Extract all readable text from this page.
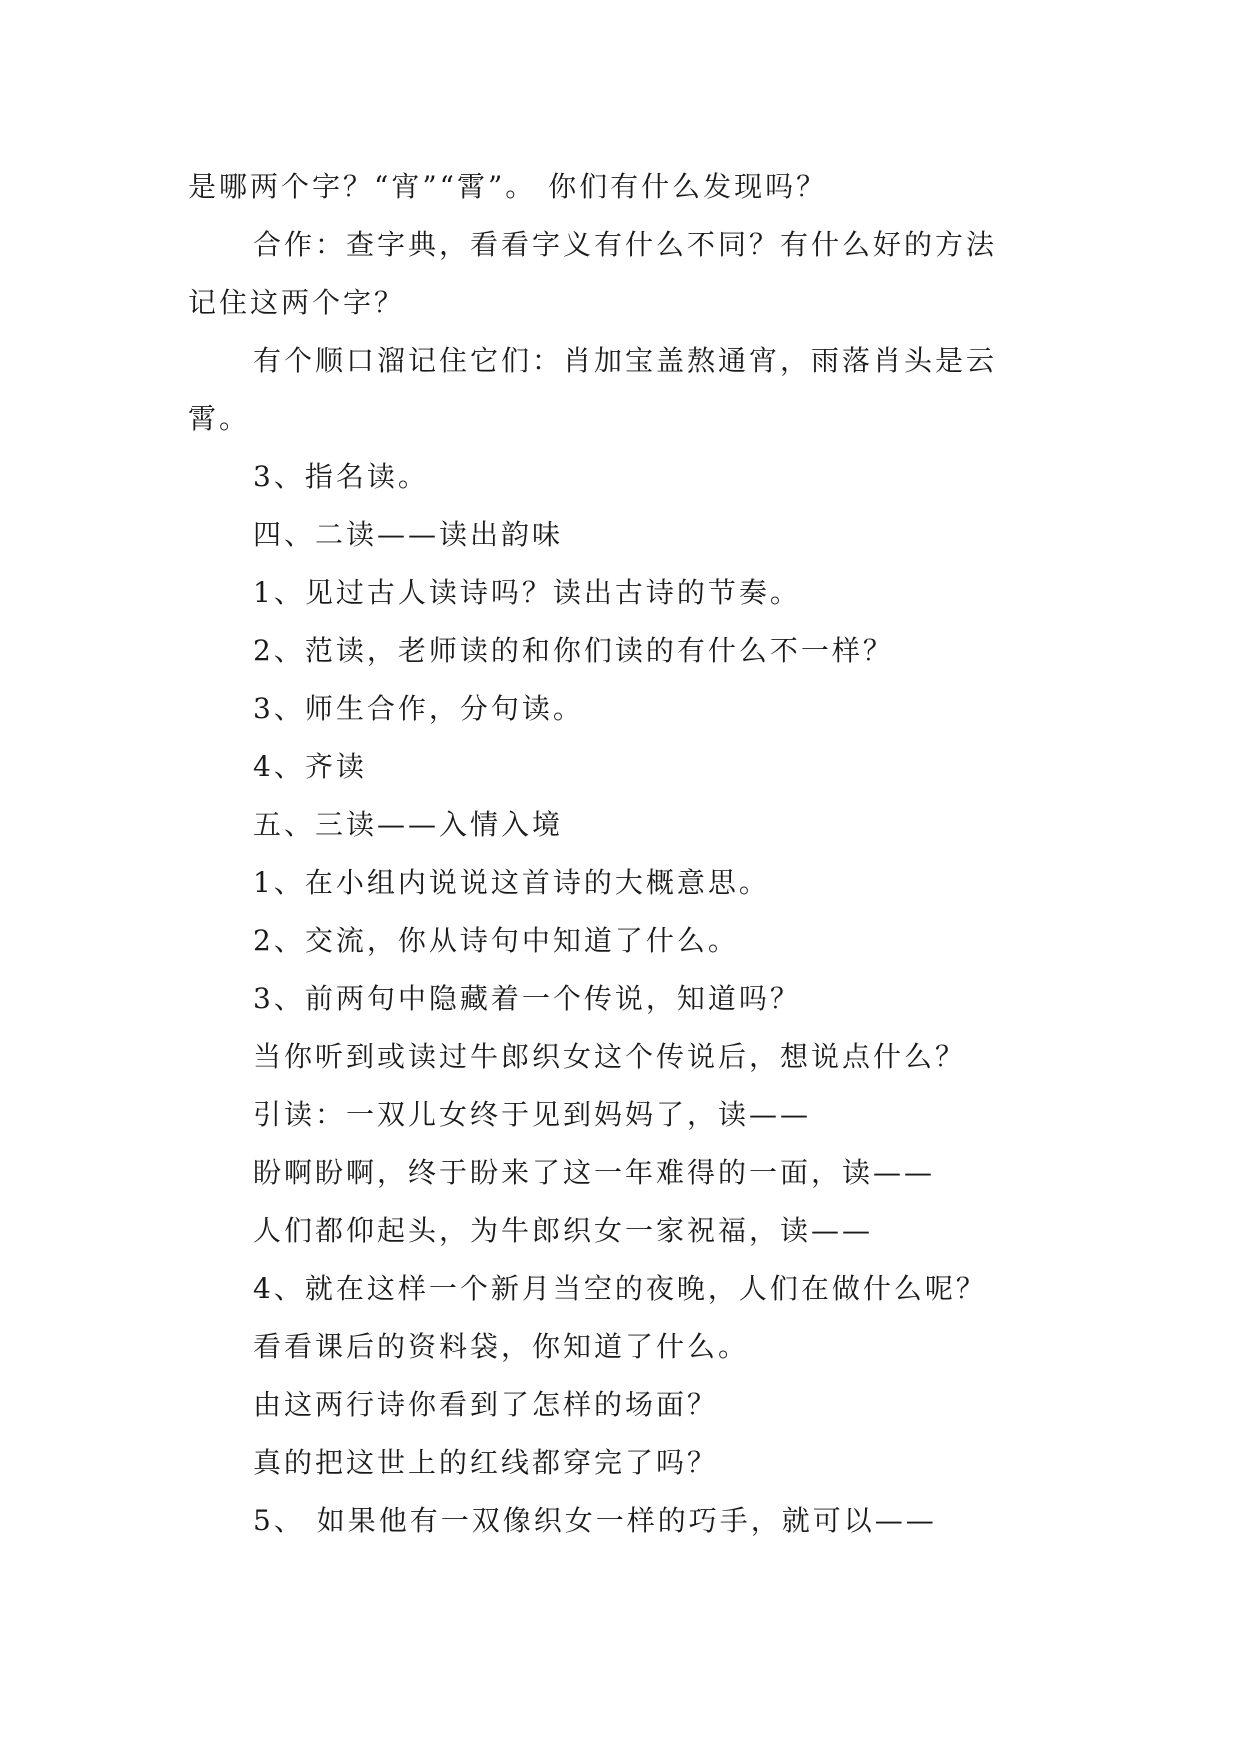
是哪两个字？“宵”“霄”。 你们有什么发现吗？
合作：查字典，看看字义有什么不同？有什么好的方法
记住这两个字？
有个顺口溜记住它们：肖加宝盖熬通宵，雨落肖头是云
霄。
3、指名读。
四、二读——读出韵味
1、见过古人读诗吗？读出古诗的节奏。
2、范读，老师读的和你们读的有什么不一样？
3、师生合作，分句读。
4、齐读
五、三读——入情入境
1、在小组内说说这首诗的大概意思。
2、交流，你从诗句中知道了什么。
3、前两句中隐藏着一个传说，知道吗？
当你听到或读过牛郎织女这个传说后，想说点什么？
引读：一双儿女终于见到妈妈了，读——
盼啊盼啊，终于盼来了这一年难得的一面，读——
人们都仰起头，为牛郎织女一家祝福，读——
4、就在这样一个新月当空的夜晚，人们在做什么呢？
看看课后的资料袋，你知道了什么。
由这两行诗你看到了怎样的场面？
真的把这世上的红线都穿完了吗？
5、 如果他有一双像织女一样的巧手，就可以——
